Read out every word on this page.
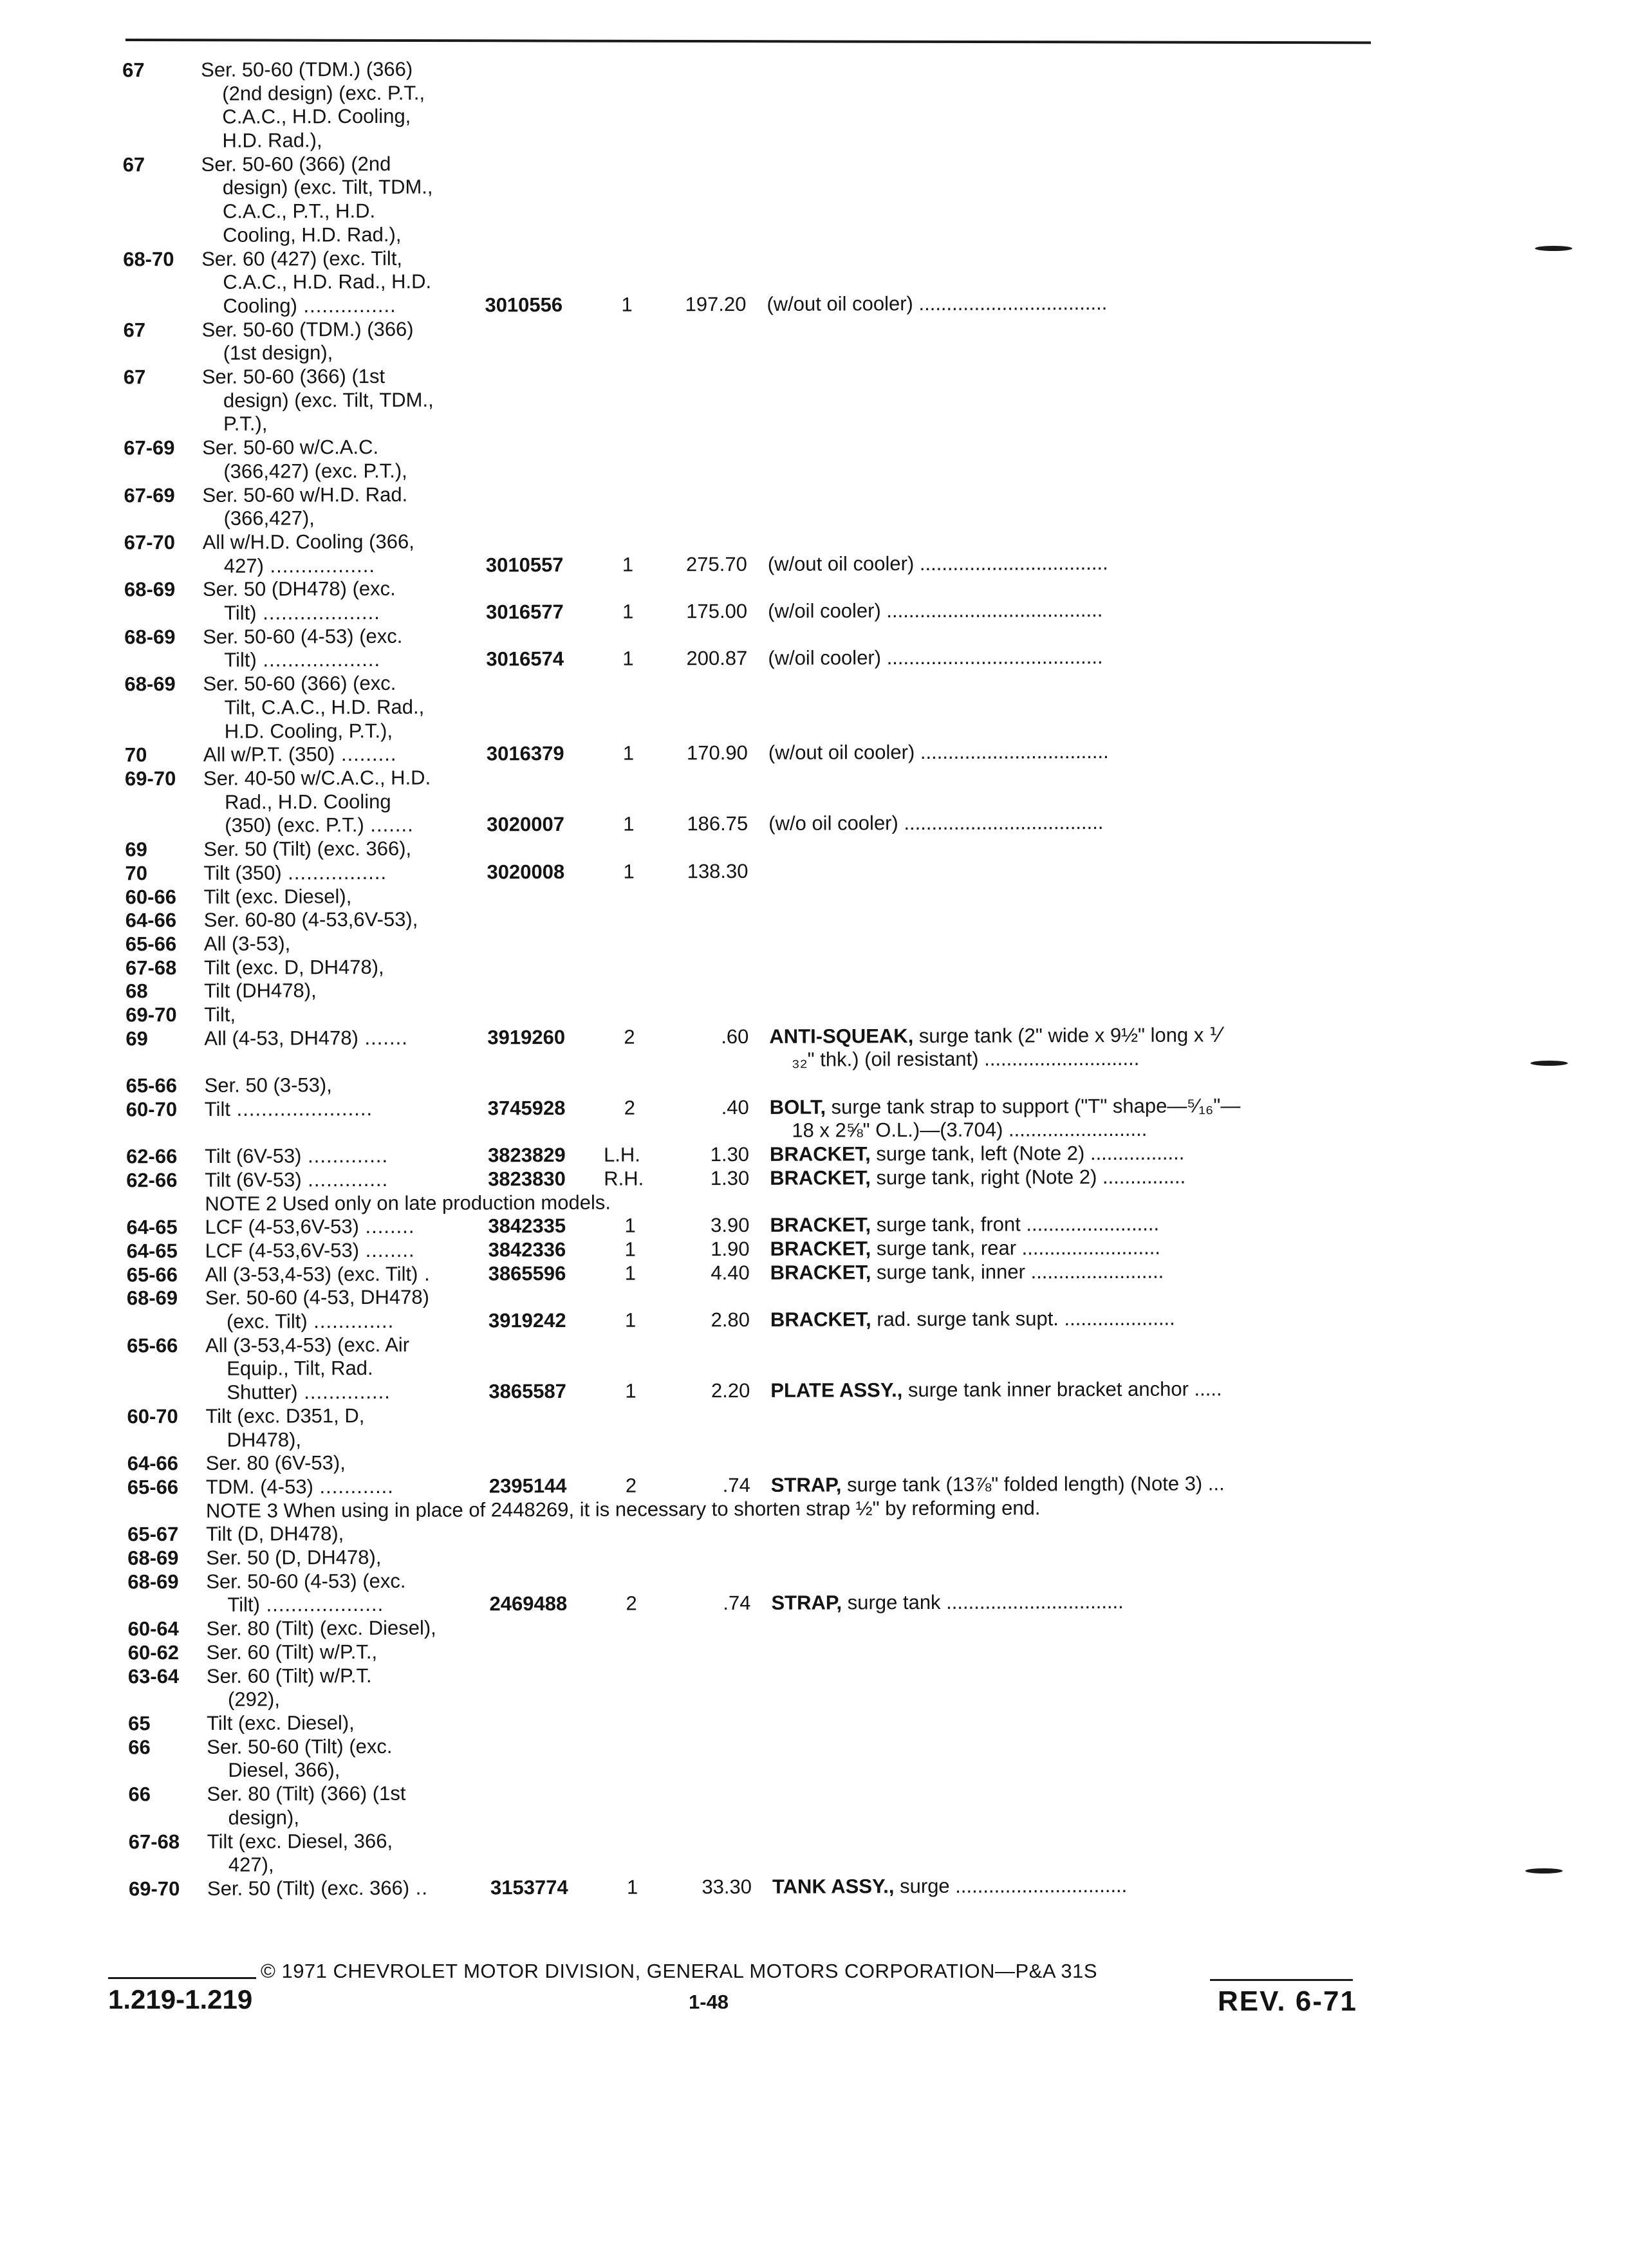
67	Ser. 50-60 (TDM.) (366)
(2nd design) (exc. P.T.,
C.A.C., H.D. Cooling,
H.D. Rad.),
67	Ser. 50-60 (366) (2nd
design) (exc. Tilt, TDM.,
C.A.C., P.T., H.D.
Cooling, H.D. Rad.),
68-70 Ser. 60 (427) (exc. Tilt,
C.A.C., H.D. Rad., H.D.
Cooling) ...............	3010556	1	197.20 (w/out oil cooler) ..................................
67	Ser. 50-60 (TDM.) (366)
(1st design),
67	Ser. 50-60 (366) (1st
design) (exc. Tilt, TDM.,
P.T.),
67-69 Ser. 50-60 w/C.A.C.
(366,427) (exc. P.T.),
67-69 Ser. 50-60 w/H.D. Rad.
(366,427),
67-70 All w/H.D. Cooling (366,
427) .................	3010557	1	275.70 (w/out oil cooler) ..................................
68-69 Ser. 50 (DH478) (exc.
Tilt) ...................	3016577	1	175.00 (w/oil cooler) .......................................
68-69 Ser. 50-60 (4-53) (exc.
Tilt) ...................	3016574	1	200.87 (w/oil cooler) .......................................
68-69 Ser. 50-60 (366) (exc.
Tilt, C.A.C., H.D. Rad.,
H.D. Cooling, P.T.),
70	All w/P.T. (350) .........	3016379	1	170.90 (w/out oil cooler) ..................................
69-70 Ser. 40-50 w/C.A.C., H.D.
Rad., H.D. Cooling
(350) (exc. P.T.) .......	3020007	1	186.75 (w/o oil cooler) ....................................
69	Ser. 50 (Tilt) (exc. 366),
70	Tilt (350) ................	3020008	1	138.30
60-66 Tilt (exc. Diesel),
64-66 Ser. 60-80 (4-53,6V-53),
65-66 All (3-53),
67-68 Tilt (exc. D, DH478),
68	Tilt (DH478),
69-70 Tilt,
69	All (4-53, DH478) .......	3919260	2	.60 ANTI-SQUEAK, surge tank (2" wide x 9½" long x ⅟
₃₂" thk.) (oil resistant) ............................
65-66 Ser. 50 (3-53),
60-70 Tilt ......................	3745928	2	.40 BOLT, surge tank strap to support ("T" shape—⁵⁄₁₆"—
18 x 2⅝" O.L.)—(3.704) .........................
62-66 Tilt (6V-53) .............	3823829 L.H.	1.30 BRACKET, surge tank, left (Note 2) .................
62-66 Tilt (6V-53) .............	3823830 R.H.	1.30 BRACKET, surge tank, right (Note 2) ...............
NOTE 2 Used only on late production models.
64-65 LCF (4-53,6V-53) ........	3842335	1	3.90 BRACKET, surge tank, front ........................
64-65 LCF (4-53,6V-53) ........	3842336	1	1.90 BRACKET, surge tank, rear .........................
65-66 All (3-53,4-53) (exc. Tilt) .	3865596	1	4.40 BRACKET, surge tank, inner ........................
68-69 Ser. 50-60 (4-53, DH478)
(exc. Tilt) .............	3919242	1	2.80 BRACKET, rad. surge tank supt. ....................
65-66 All (3-53,4-53) (exc. Air
Equip., Tilt, Rad.
Shutter) ..............	3865587	1	2.20 PLATE ASSY., surge tank inner bracket anchor .....
60-70 Tilt (exc. D351, D,
DH478),
64-66 Ser. 80 (6V-53),
65-66 TDM. (4-53) ............	2395144	2	.74 STRAP, surge tank (13⅞" folded length) (Note 3) ...
NOTE 3 When using in place of 2448269, it is necessary to shorten strap ½" by reforming end.
65-67 Tilt (D, DH478),
68-69 Ser. 50 (D, DH478),
68-69 Ser. 50-60 (4-53) (exc.
Tilt) ...................	2469488	2	.74 STRAP, surge tank ................................
60-64 Ser. 80 (Tilt) (exc. Diesel),
60-62 Ser. 60 (Tilt) w/P.T.,
63-64 Ser. 60 (Tilt) w/P.T.
(292),
65	Tilt (exc. Diesel),
66	Ser. 50-60 (Tilt) (exc.
Diesel, 366),
66	Ser. 80 (Tilt) (366) (1st
design),
67-68 Tilt (exc. Diesel, 366,
427),
69-70 Ser. 50 (Tilt) (exc. 366) ..	3153774	1	33.30 TANK ASSY., surge ...............................
© 1971 CHEVROLET MOTOR DIVISION, GENERAL MOTORS CORPORATION—P&A 31S
1.219-1.219	1-48	REV. 6-71
